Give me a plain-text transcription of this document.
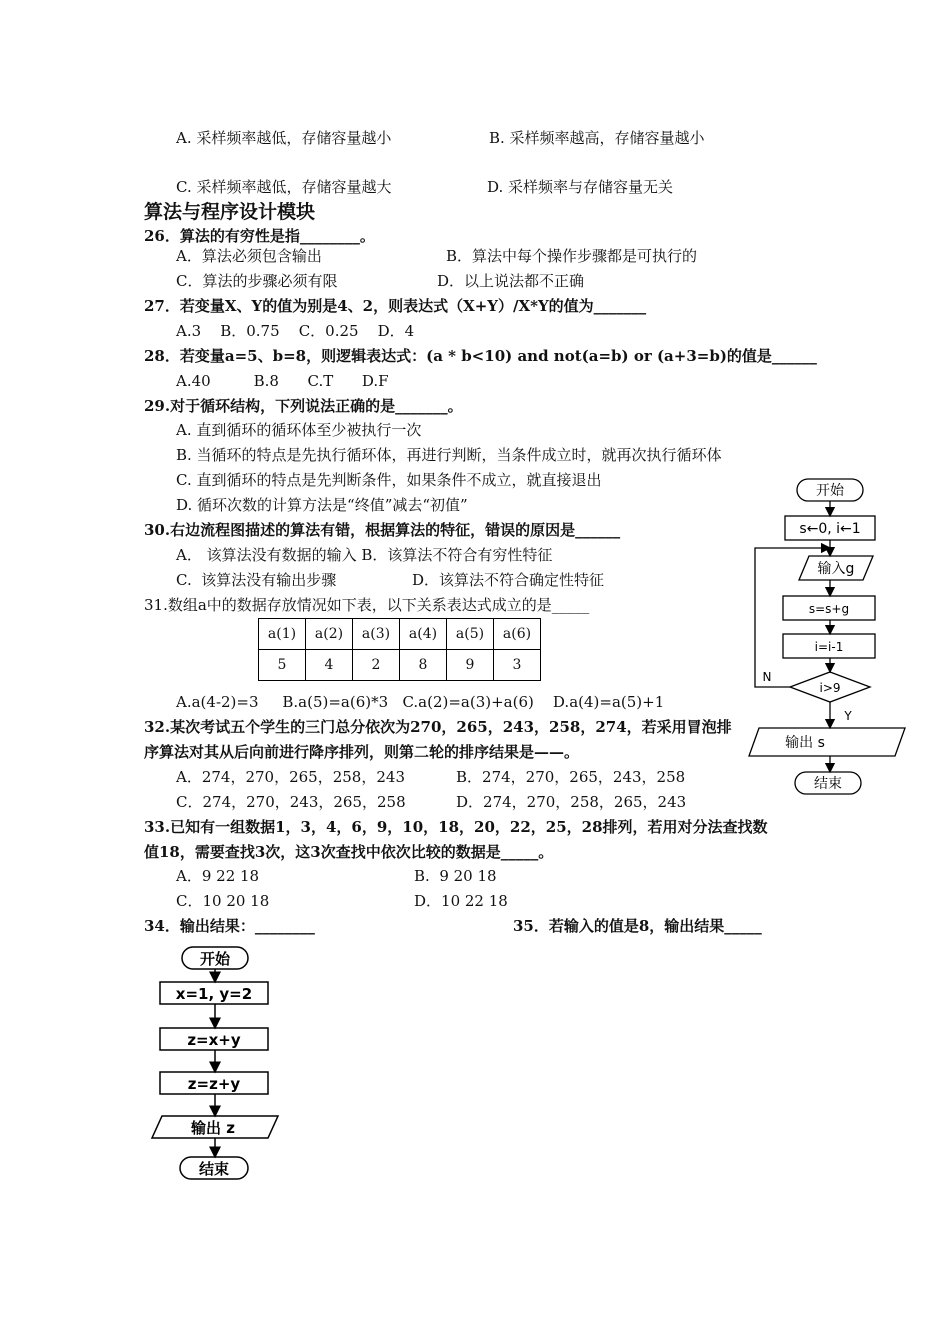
A. 采样频率越低，存储容量越小	B. 采样频率越高，存储容量越小
C. 采样频率越低，存储容量越大	D. 采样频率与存储容量无关
算法与程序设计模块
26．算法的有穷性是指________。
A．算法必须包含输出	B．算法中每个操作步骤都是可执行的
C．算法的步骤必须有限	D．以上说法都不正确
27．若变量X、Y的值为别是4、2，则表达式（X+Y）/X*Y的值为_______
A.3    B．0.75    C．0.25    D．4
28．若变量a=5、b=8，则逻辑表达式：(a * b<10) and not(a=b) or (a+3=b)的值是______
A.40         B.8      C.T      D.F
29.对于循环结构，下列说法正确的是_______。
A. 直到循环的循环体至少被执行一次
B. 当循环的特点是先执行循环体，再进行判断，当条件成立时，就再次执行循环体
C. 直到循环的特点是先判断条件，如果条件不成立，就直接退出
D. 循环次数的计算方法是“终值”减去“初值”
30.右边流程图描述的算法有错，根据算法的特征，错误的原因是______
A． 该算法没有数据的输入 B．该算法不符合有穷性特征
C.  该算法没有输出步骤	D．该算法不符合确定性特征
31.数组a中的数据存放情况如下表，以下关系表达式成立的是_____
a(1)	a(2)	a(3)	a(4)	a(5)	a(6)
5	4	2	8	9	3
A.a(4-2)=3     B.a(5)=a(6)*3   C.a(2)=a(3)+a(6)    D.a(4)=a(5)+1
32.某次考试五个学生的三门总分依次为270，265，243，258，274，若采用冒泡排
序算法对其从后向前进行降序排列，则第二轮的排序结果是——。
A．274，270，265，258，243	B．274，270，265，243，258
C．274，270，243，265，258	D．274，270，258，265，243
33.已知有一组数据1，3，4，6，9，10，18，20，22，25，28排列，若用对分法查找数
值18，需要查找3次，这3次查找中依次比较的数据是_____。
A．9 22 18	B.  9 20 18
C．10 20 18	D．10 22 18
34．输出结果：________	35．若输入的值是8，输出结果_____
开始
s←0, i←1
输入g
s=s+g
i=i-1
i>9
N
Y
输出 s
结束
开始
x=1, y=2
z=x+y
z=z+y
输出 z
结束
